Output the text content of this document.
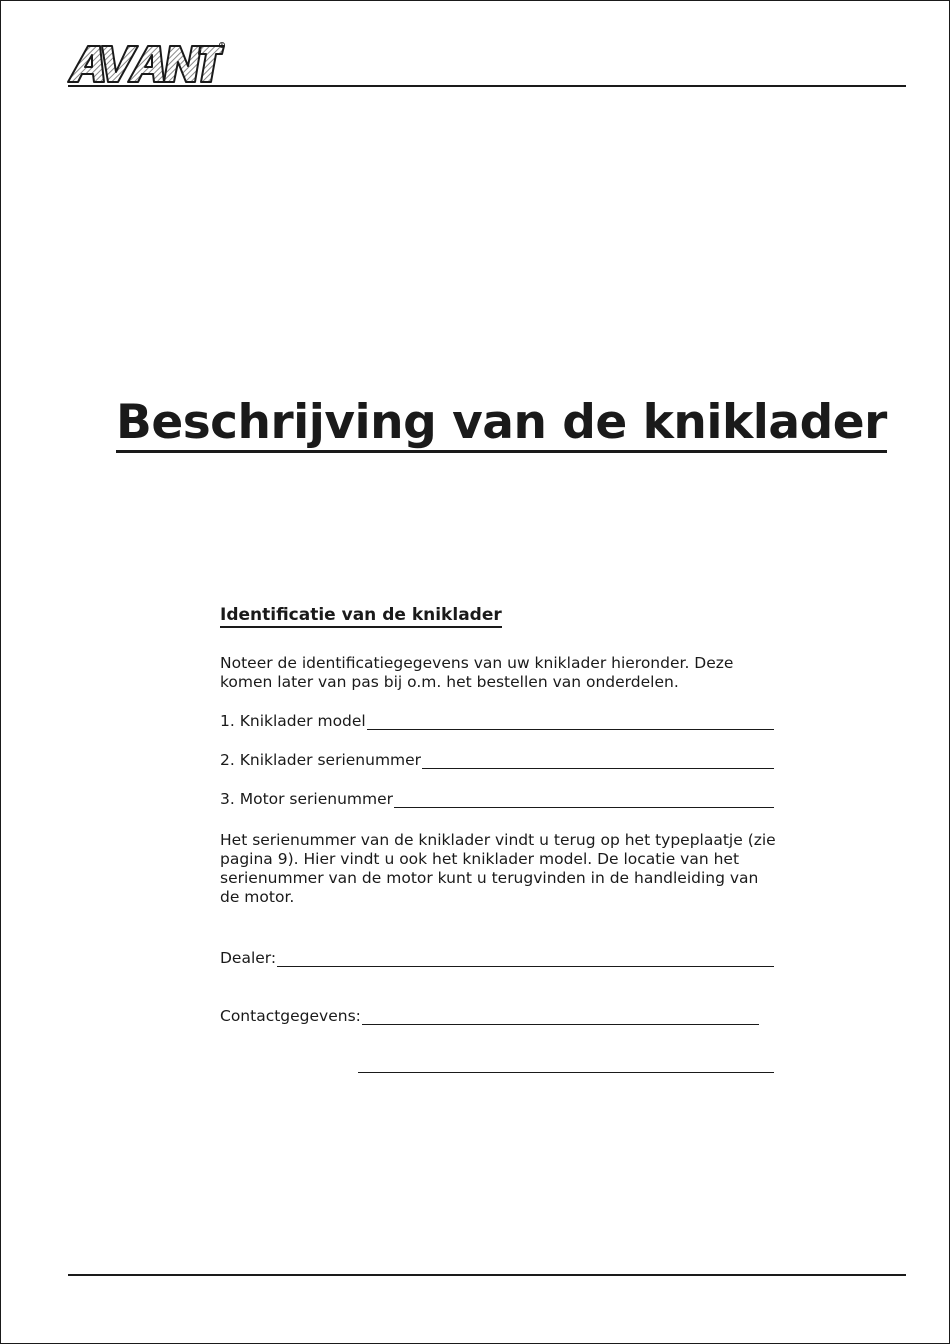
R
Beschrijving van de kniklader
Identificatie van de kniklader

Noteer de identificatiegegevens van uw kniklader hieronder. Deze komen later van pas bij o.m. het bestellen van onderdelen.

1. Kniklader model
2. Kniklader serienummer
3. Motor serienummer

Het serienummer van de kniklader vindt u terug op het typeplaatje (zie pagina 9). Hier vindt u ook het kniklader model. De locatie van het serienummer van de motor kunt u terugvinden in de handleiding van de motor.

Dealer:
Contactgegevens:
